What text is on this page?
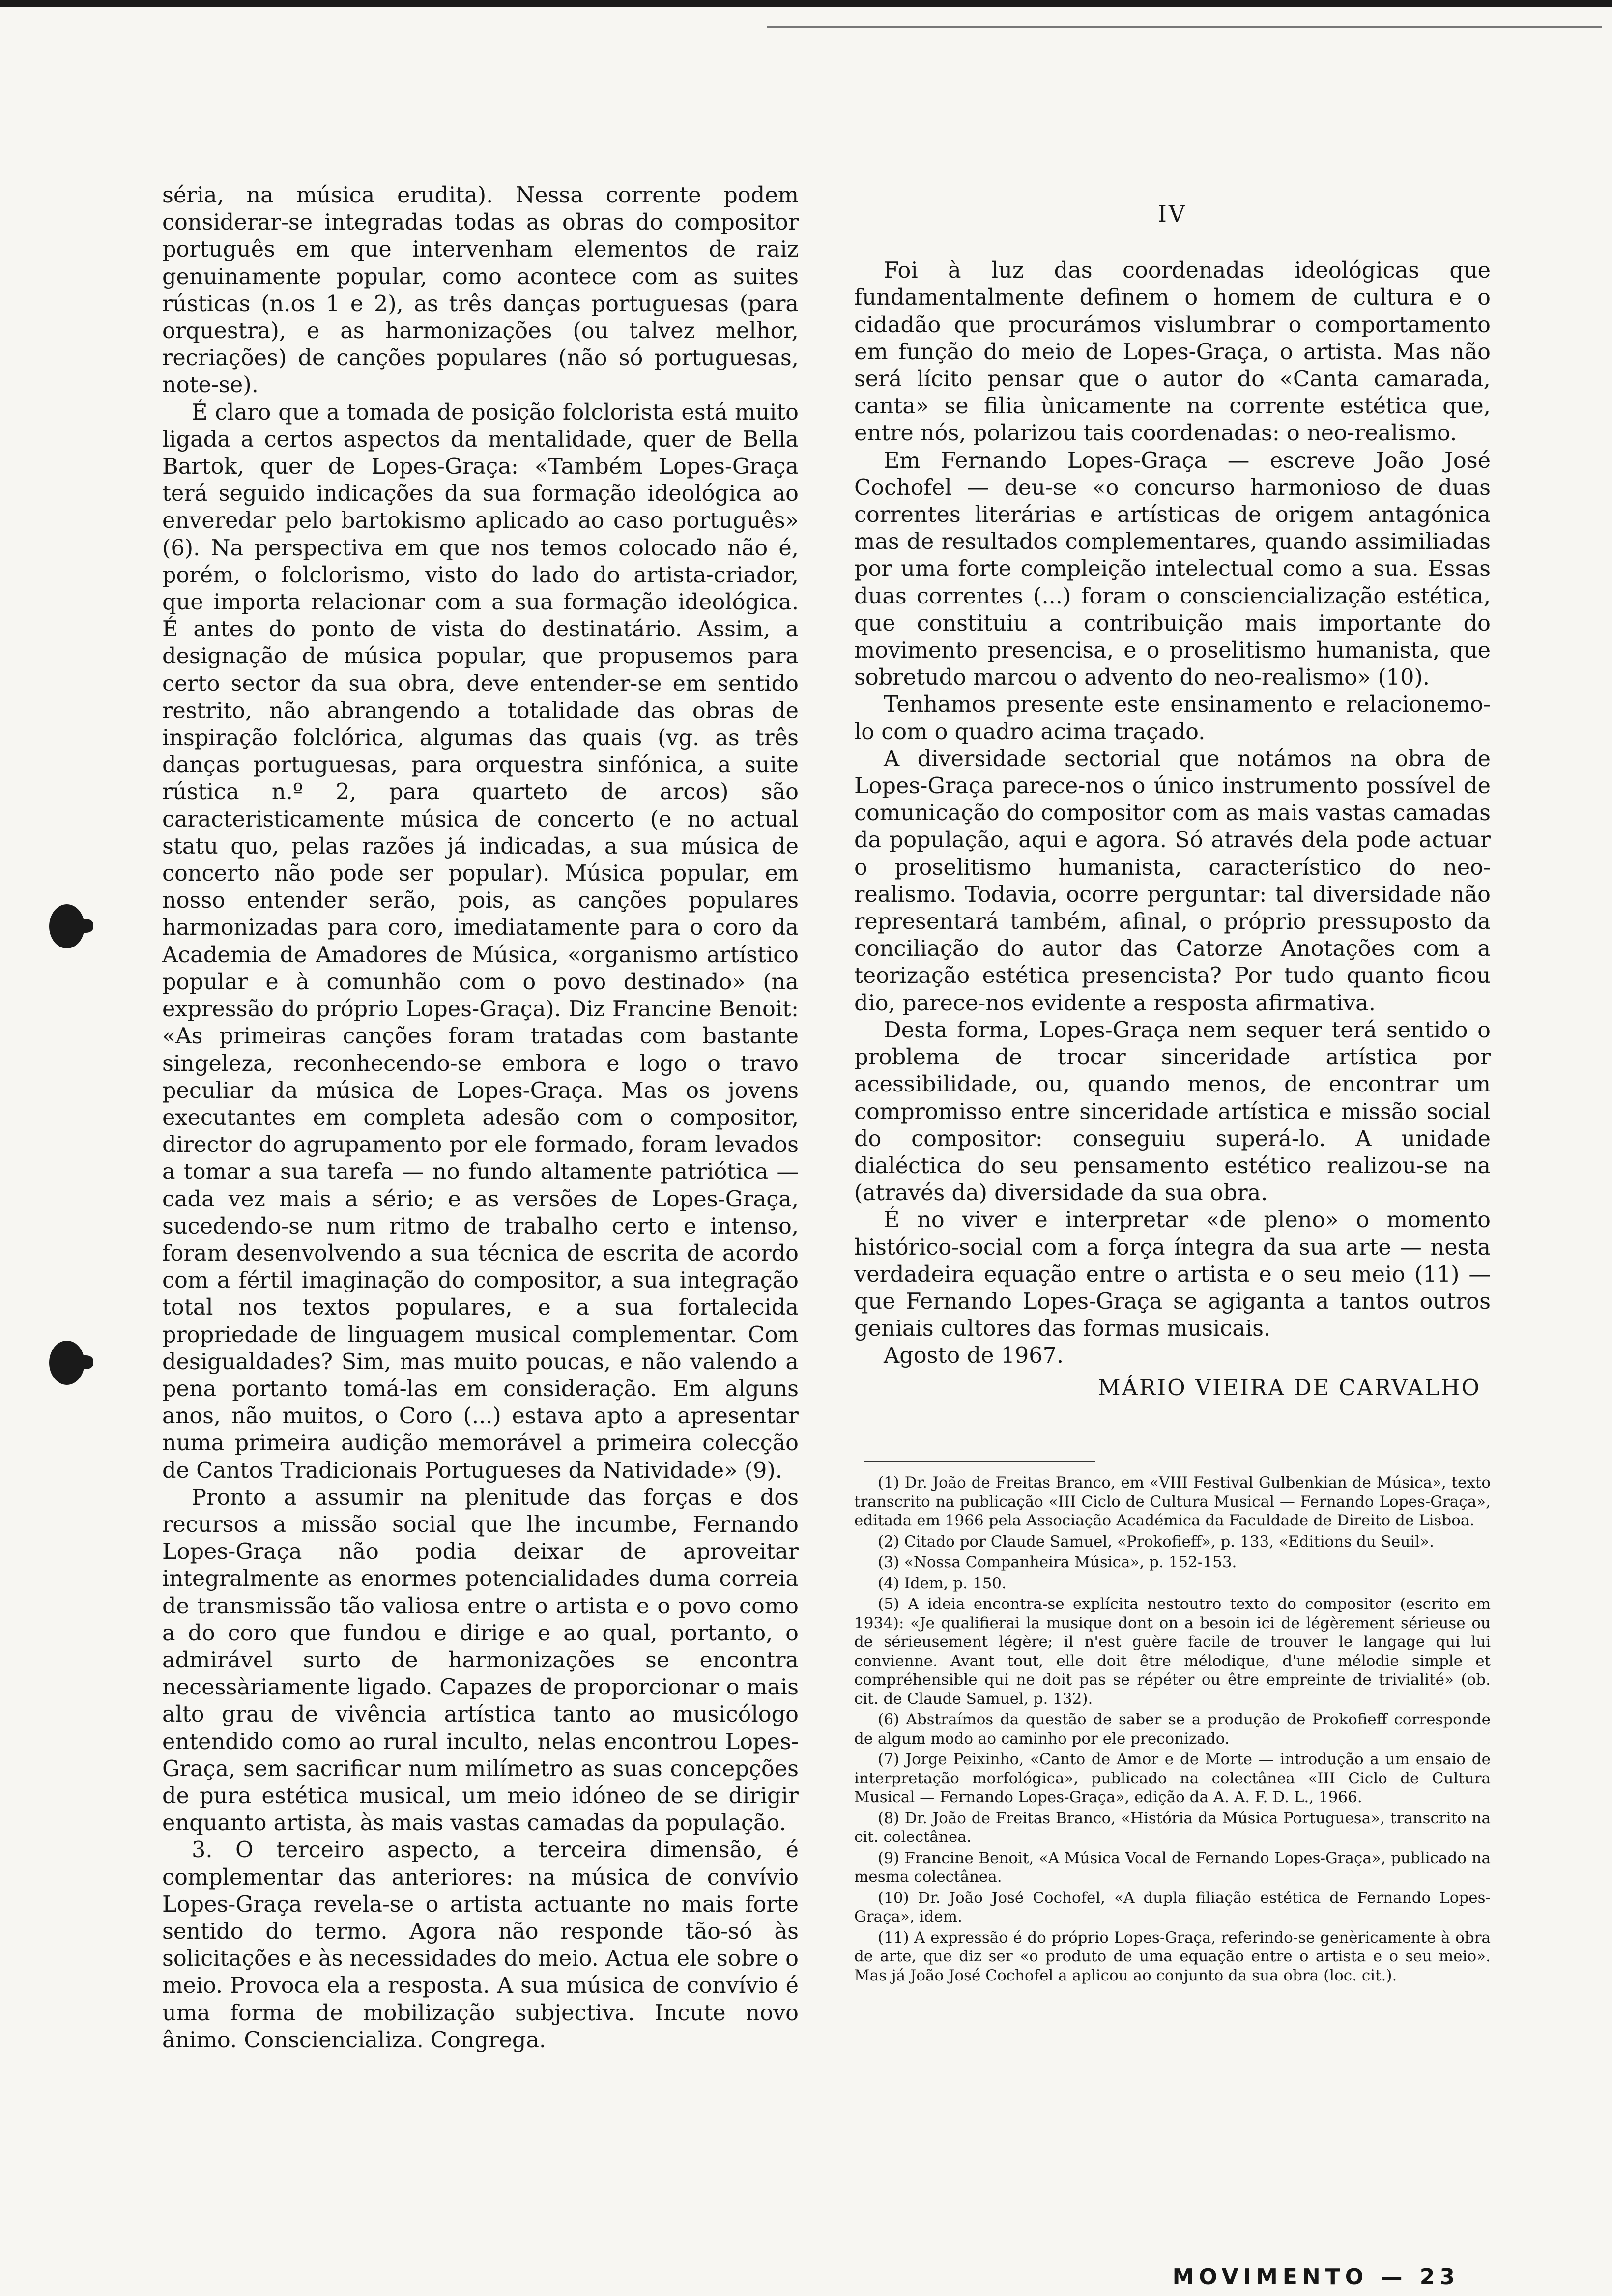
séria, na música erudita). Nessa corrente podem considerar-se integradas todas as obras do compositor português em que intervenham elementos de raiz genuinamente popular, como acontece com as suites rústicas (n.os 1 e 2), as três danças portuguesas (para orquestra), e as harmonizações (ou talvez melhor, recriações) de canções populares (não só portuguesas, note-se).

É claro que a tomada de posição folclorista está muito ligada a certos aspectos da mentalidade, quer de Bella Bartok, quer de Lopes-Graça: «Também Lopes-Graça terá seguido indicações da sua formação ideológica ao enveredar pelo bartokismo aplicado ao caso português» (6). Na perspectiva em que nos temos colocado não é, porém, o folclorismo, visto do lado do artista-criador, que importa relacionar com a sua formação ideológica. É antes do ponto de vista do destinatário. Assim, a designação de música popular, que propusemos para certo sector da sua obra, deve entender-se em sentido restrito, não abrangendo a totalidade das obras de inspiração folclórica, algumas das quais (vg. as três danças portuguesas, para orquestra sinfónica, a suite rústica n.º 2, para quarteto de arcos) são caracteristicamente música de concerto (e no actual statu quo, pelas razões já indicadas, a sua música de concerto não pode ser popular). Música popular, em nosso entender serão, pois, as canções populares harmonizadas para coro, imediatamente para o coro da Academia de Amadores de Música, «organismo artístico popular e à comunhão com o povo destinado» (na expressão do próprio Lopes-Graça). Diz Francine Benoit: «As primeiras canções foram tratadas com bastante singeleza, reconhecendo-se embora e logo o travo peculiar da música de Lopes-Graça. Mas os jovens executantes em completa adesão com o compositor, director do agrupamento por ele formado, foram levados a tomar a sua tarefa — no fundo altamente patriótica — cada vez mais a sério; e as versões de Lopes-Graça, sucedendo-se num ritmo de trabalho certo e intenso, foram desenvolvendo a sua técnica de escrita de acordo com a fértil imaginação do compositor, a sua integração total nos textos populares, e a sua fortalecida propriedade de linguagem musical complementar. Com desigualdades? Sim, mas muito poucas, e não valendo a pena portanto tomá-las em consideração. Em alguns anos, não muitos, o Coro (...) estava apto a apresentar numa primeira audição memorável a primeira colecção de Cantos Tradicionais Portugueses da Natividade» (9).

Pronto a assumir na plenitude das forças e dos recursos a missão social que lhe incumbe, Fernando Lopes-Graça não podia deixar de aproveitar integralmente as enormes potencialidades duma correia de transmissão tão valiosa entre o artista e o povo como a do coro que fundou e dirige e ao qual, portanto, o admirável surto de harmonizações se encontra necessàriamente ligado. Capazes de proporcionar o mais alto grau de vivência artística tanto ao musicólogo entendido como ao rural inculto, nelas encontrou Lopes-Graça, sem sacrificar num milímetro as suas concepções de pura estética musical, um meio idóneo de se dirigir enquanto artista, às mais vastas camadas da população.

3. O terceiro aspecto, a terceira dimensão, é complementar das anteriores: na música de convívio Lopes-Graça revela-se o artista actuante no mais forte sentido do termo. Agora não responde tão-só às solicitações e às necessidades do meio. Actua ele sobre o meio. Provoca ela a resposta. A sua música de convívio é uma forma de mobilização subjectiva. Incute novo ânimo. Consciencializa. Congrega.

IV

Foi à luz das coordenadas ideológicas que fundamentalmente definem o homem de cultura e o cidadão que procurámos vislumbrar o comportamento em função do meio de Lopes-Graça, o artista. Mas não será lícito pensar que o autor do «Canta camarada, canta» se filia ùnicamente na corrente estética que, entre nós, polarizou tais coordenadas: o neo-realismo.

Em Fernando Lopes-Graça — escreve João José Cochofel — deu-se «o concurso harmonioso de duas correntes literárias e artísticas de origem antagónica mas de resultados complementares, quando assimiliadas por uma forte compleição intelectual como a sua. Essas duas correntes (...) foram o consciencialização estética, que constituiu a contribuição mais importante do movimento presencisa, e o proselitismo humanista, que sobretudo marcou o advento do neo-realismo» (10).

Tenhamos presente este ensinamento e relacionemo-lo com o quadro acima traçado.

A diversidade sectorial que notámos na obra de Lopes-Graça parece-nos o único instrumento possível de comunicação do compositor com as mais vastas camadas da população, aqui e agora. Só através dela pode actuar o proselitismo humanista, característico do neo-realismo. Todavia, ocorre perguntar: tal diversidade não representará também, afinal, o próprio pressuposto da conciliação do autor das Catorze Anotações com a teorização estética presencista? Por tudo quanto ficou dio, parece-nos evidente a resposta afirmativa.

Desta forma, Lopes-Graça nem sequer terá sentido o problema de trocar sinceridade artística por acessibilidade, ou, quando menos, de encontrar um compromisso entre sinceridade artística e missão social do compositor: conseguiu superá-lo. A unidade dialéctica do seu pensamento estético realizou-se na (através da) diversidade da sua obra.

É no viver e interpretar «de pleno» o momento histórico-social com a força íntegra da sua arte — nesta verdadeira equação entre o artista e o seu meio (11) — que Fernando Lopes-Graça se agiganta a tantos outros geniais cultores das formas musicais.

Agosto de 1967.

MÁRIO VIEIRA DE CARVALHO

(1) Dr. João de Freitas Branco, em «VIII Festival Gulbenkian de Música», texto transcrito na publicação «III Ciclo de Cultura Musical — Fernando Lopes-Graça», editada em 1966 pela Associação Académica da Faculdade de Direito de Lisboa.

(2) Citado por Claude Samuel, «Prokofieff», p. 133, «Editions du Seuil».

(3) «Nossa Companheira Música», p. 152-153.

(4) Idem, p. 150.

(5) A ideia encontra-se explícita nestoutro texto do compositor (escrito em 1934): «Je qualifierai la musique dont on a besoin ici de légèrement sérieuse ou de sérieusement légère; il n'est guère facile de trouver le langage qui lui convienne. Avant tout, elle doit être mélodique, d'une mélodie simple et compréhensible qui ne doit pas se répéter ou être empreinte de trivialité» (ob. cit. de Claude Samuel, p. 132).

(6) Abstraímos da questão de saber se a produção de Prokofieff corresponde de algum modo ao caminho por ele preconizado.

(7) Jorge Peixinho, «Canto de Amor e de Morte — introdução a um ensaio de interpretação morfológica», publicado na colectânea «III Ciclo de Cultura Musical — Fernando Lopes-Graça», edição da A. A. F. D. L., 1966.

(8) Dr. João de Freitas Branco, «História da Música Portuguesa», transcrito na cit. colectânea.

(9) Francine Benoit, «A Música Vocal de Fernando Lopes-Graça», publicado na mesma colectânea.

(10) Dr. João José Cochofel, «A dupla filiação estética de Fernando Lopes-Graça», idem.

(11) A expressão é do próprio Lopes-Graça, referindo-se genèricamente à obra de arte, que diz ser «o produto de uma equação entre o artista e o seu meio». Mas já João José Cochofel a aplicou ao conjunto da sua obra (loc. cit.).

MOVIMENTO — 23
